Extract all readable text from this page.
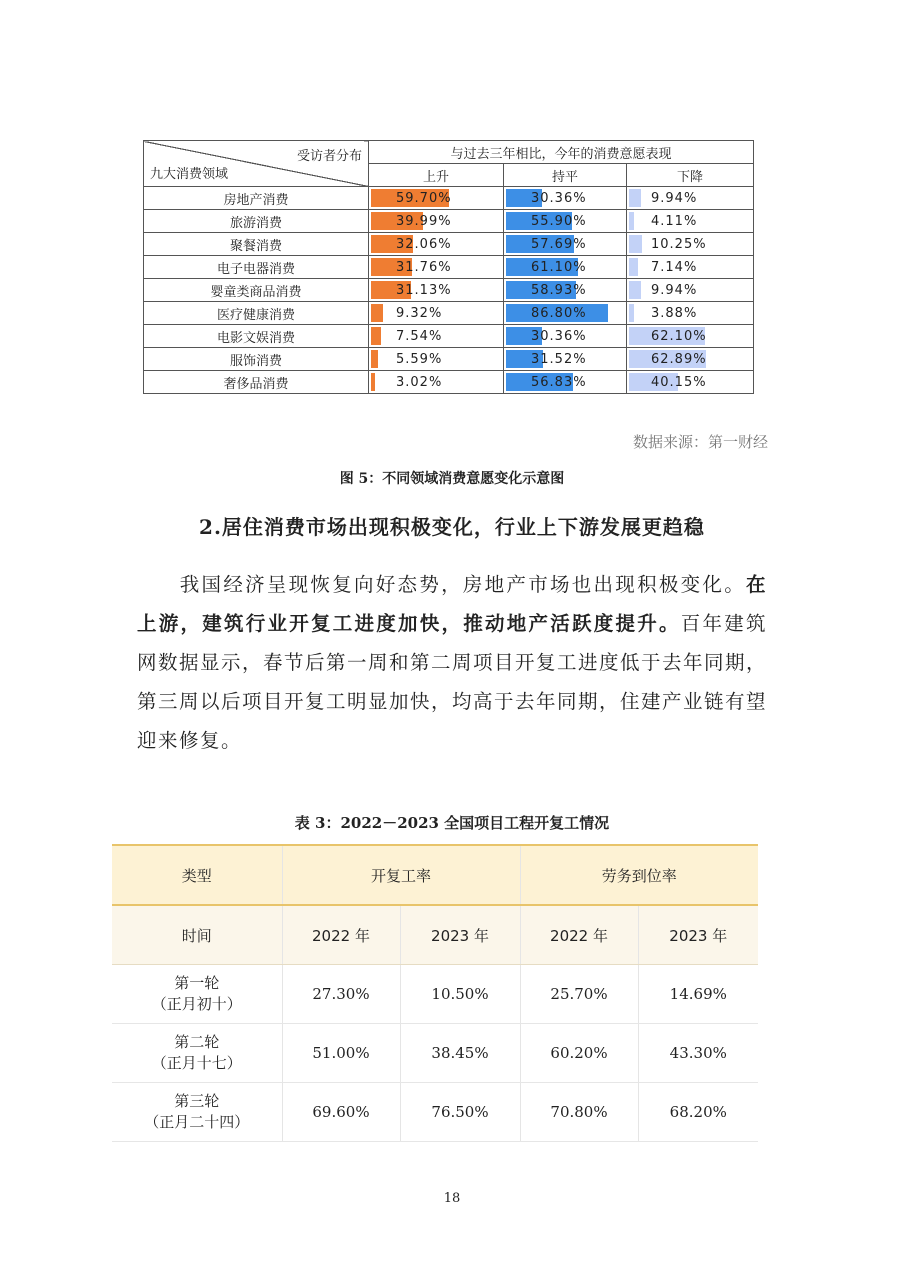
受访者分布
九大消费领域	与过去三年相比，今年的消费意愿表现		
	上升	持平	下降
房地产消费	59.70%	30.36%	9.94%

旅游消费	39.99%	55.90%	4.11%

聚餐消费	32.06%	57.69%	10.25%

电子电器消费	31.76%	61.10%	7.14%

婴童类商品消费	31.13%	58.93%	9.94%

医疗健康消费	9.32%	86.80%	3.88%

电影文娱消费	7.54%	30.36%	62.10%

服饰消费	5.59%	31.52%	62.89%

奢侈品消费	3.02%	56.83%	40.15%
数据来源：第一财经
图 5：不同领域消费意愿变化示意图
2.居住消费市场出现积极变化，行业上下游发展更趋稳
我国经济呈现恢复向好态势，房地产市场也出现积极变化。在上游，建筑行业开复工进度加快，推动地产活跃度提升。百年建筑网数据显示，春节后第一周和第二周项目开复工进度低于去年同期，第三周以后项目开复工明显加快，均高于去年同期，住建产业链有望迎来修复。
表 3：2022－2023 全国项目工程开复工情况
类型	开复工率		劳务到位率	
时间	2022 年	2023 年	2022 年	2023 年
第一轮
（正月初十）	27.30%	10.50%	25.70%	14.69%
第二轮
（正月十七）	51.00%	38.45%	60.20%	43.30%
第三轮
（正月二十四）	69.60%	76.50%	70.80%	68.20%
18
